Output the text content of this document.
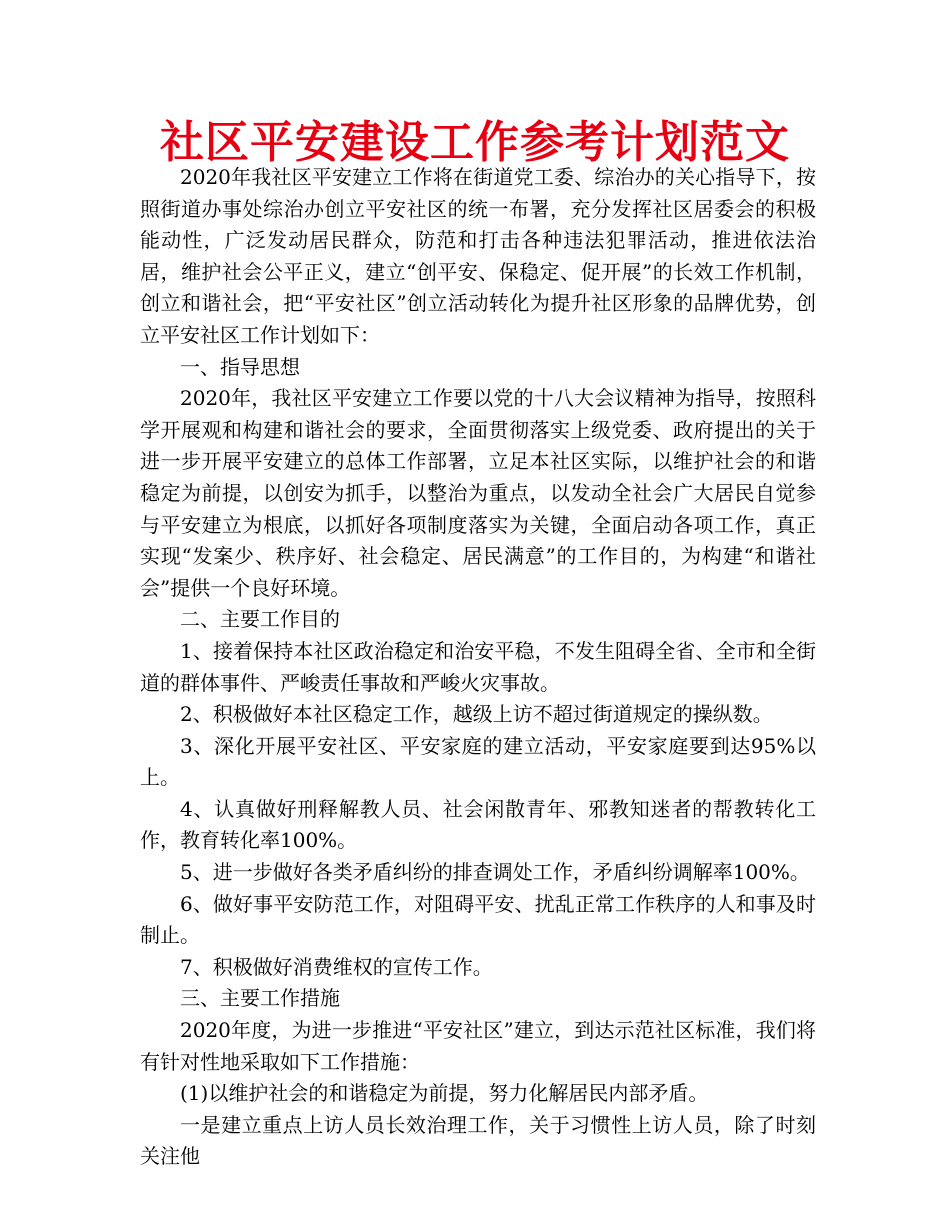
社区平安建设工作参考计划范文

2020年我社区平安建立工作将在街道党工委、综治办的关心指导下，按照街道办事处综治办创立平安社区的统一布署，充分发挥社区居委会的积极能动性，广泛发动居民群众，防范和打击各种违法犯罪活动，推进依法治居，维护社会公平正义，建立“创平安、保稳定、促开展”的长效工作机制，创立和谐社会，把“平安社区”创立活动转化为提升社区形象的品牌优势，创立平安社区工作计划如下：

一、指导思想

2020年，我社区平安建立工作要以党的十八大会议精神为指导，按照科学开展观和构建和谐社会的要求，全面贯彻落实上级党委、政府提出的关于进一步开展平安建立的总体工作部署，立足本社区实际，以维护社会的和谐稳定为前提，以创安为抓手，以整治为重点，以发动全社会广大居民自觉参与平安建立为根底，以抓好各项制度落实为关键，全面启动各项工作，真正实现“发案少、秩序好、社会稳定、居民满意”的工作目的，为构建“和谐社会”提供一个良好环境。

二、主要工作目的

1、接着保持本社区政治稳定和治安平稳，不发生阻碍全省、全市和全街道的群体事件、严峻责任事故和严峻火灾事故。

2、积极做好本社区稳定工作，越级上访不超过街道规定的操纵数。

3、深化开展平安社区、平安家庭的建立活动，平安家庭要到达95%以上。

4、认真做好刑释解教人员、社会闲散青年、邪教知迷者的帮教转化工作，教育转化率100%。

5、进一步做好各类矛盾纠纷的排查调处工作，矛盾纠纷调解率100%。

6、做好事平安防范工作，对阻碍平安、扰乱正常工作秩序的人和事及时制止。

7、积极做好消费维权的宣传工作。

三、主要工作措施

2020年度，为进一步推进“平安社区”建立，到达示范社区标准，我们将有针对性地采取如下工作措施：

(1)以维护社会的和谐稳定为前提，努力化解居民内部矛盾。

一是建立重点上访人员长效治理工作，关于习惯性上访人员，除了时刻关注他
